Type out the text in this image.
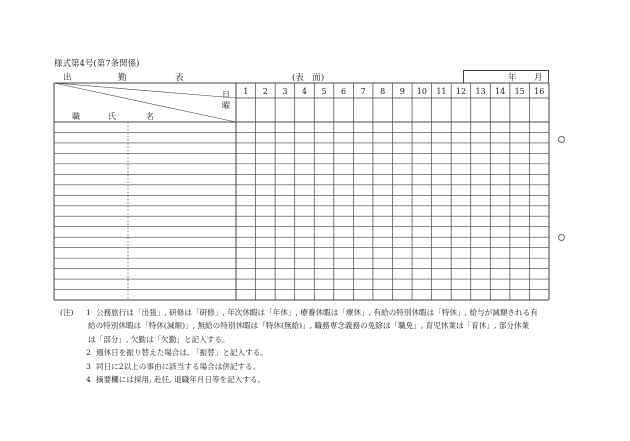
様式第4号(第7条関係)
出	勤	表	(表　面)	年 月
1 2 3 4 5 6 7 8 9 10 11 12 13 14 15 16
日
曜
職	氏	名
(注) 1 公務旅行は「出張」, 研修は「研修」, 年次休暇は「年休」, 療養休暇は「療休」, 有給の特別休暇は「特休」, 給与が減額される有
給の特別休暇は「特休(減額)」, 無給の特別休暇は「特休(無給)」, 職務専念義務の免除は「職免」, 育児休業は「育休」, 部分休業
は「部分」, 欠勤は「欠勤」と記入する。
2 週休日を振り替えた場合は, 「振替」と記入する。
3 同日に2以上の事由に該当する場合は併記する。
4 摘要欄には採用, 赴任, 退職年月日等を記入する。
